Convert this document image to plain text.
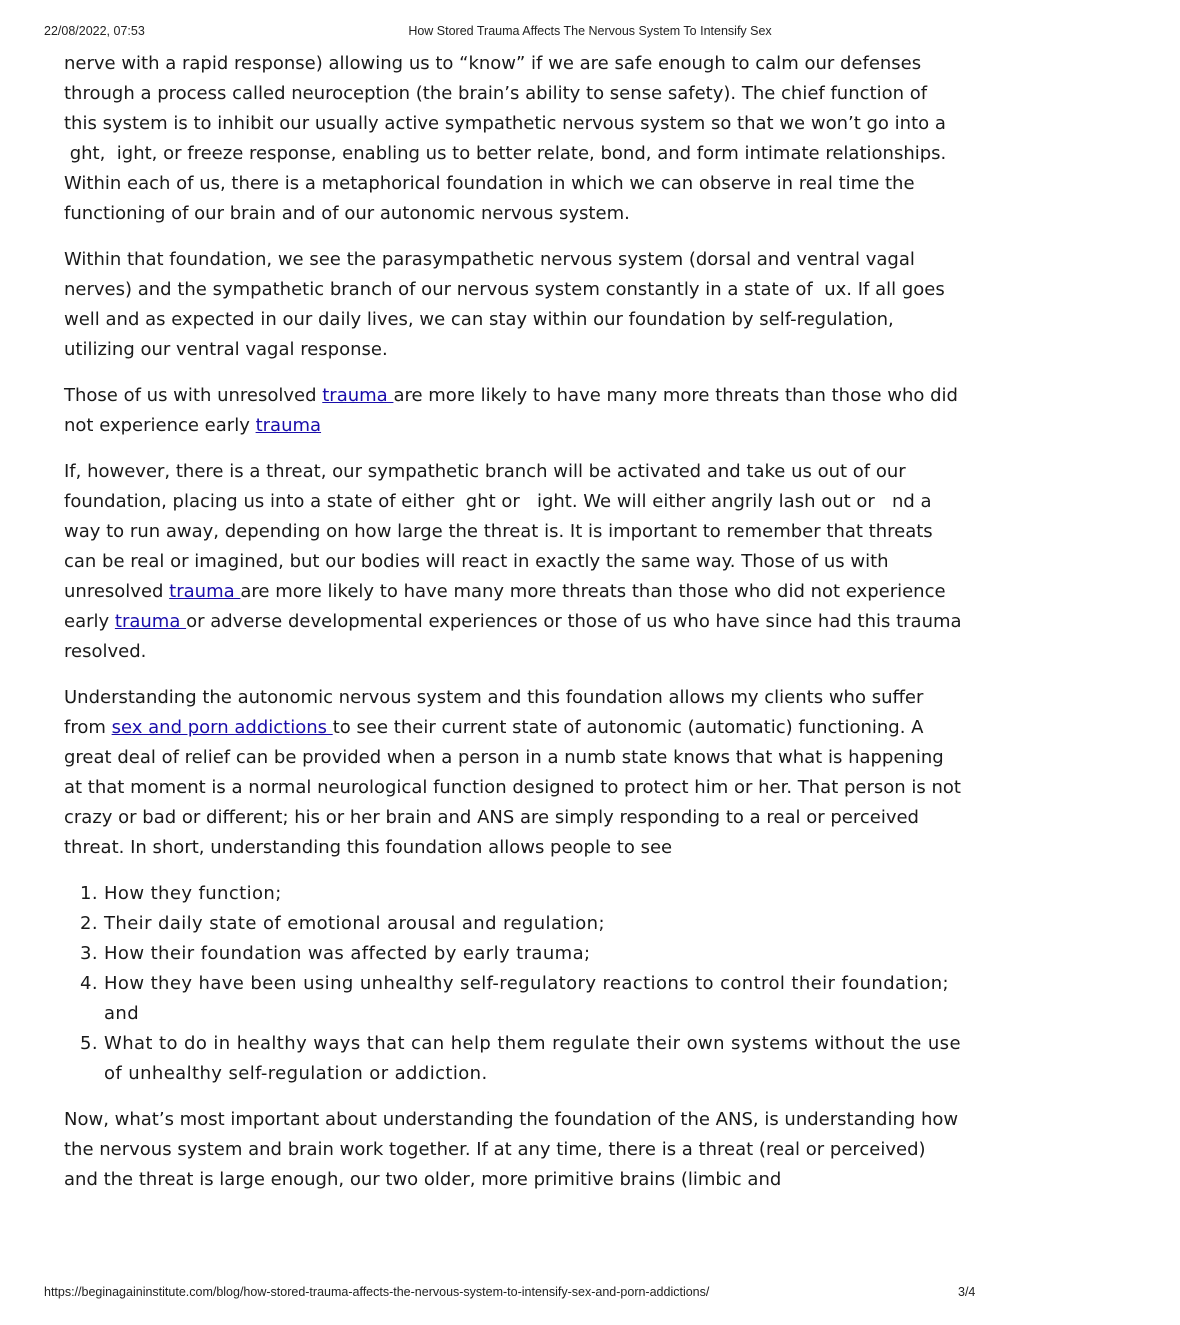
22/08/2022, 07:53	How Stored Trauma Affects The Nervous System To Intensify Sex
nerve with a rapid response) allowing us to “know” if we are safe enough to calm our defenses

through a process called neuroception (the brain’s ability to sense safety). The chief function of this system is to inhibit our usually active sympathetic nervous system so that we won’t go into a  ght,  ight, or freeze response, enabling us to better relate, bond, and form intimate relationships. Within each of us, there is a metaphorical foundation in which we can observe in real time the functioning of our brain and of our autonomic nervous system.

Within that foundation, we see the parasympathetic nervous system (dorsal and ventral vagal nerves) and the sympathetic branch of our nervous system constantly in a state of  ux. If all goes well and as expected in our daily lives, we can stay within our foundation by self-regulation, utilizing our ventral vagal response.

Those of us with unresolved trauma are more likely to have many more threats than those who did not experience early trauma

If, however, there is a threat, our sympathetic branch will be activated and take us out of our foundation, placing us into a state of either  ght or   ight. We will either angrily lash out or   nd a way to run away, depending on how large the threat is. It is important to remember that threats can be real or imagined, but our bodies will react in exactly the same way. Those of us with unresolved trauma are more likely to have many more threats than those who did not experience early trauma or adverse developmental experiences or those of us who have since had this trauma resolved.

Understanding the autonomic nervous system and this foundation allows my clients who suffer from sex and porn addictions to see their current state of autonomic (automatic) functioning. A great deal of relief can be provided when a person in a numb state knows that what is happening at that moment is a normal neurological function designed to protect him or her. That person is not crazy or bad or different; his or her brain and ANS are simply responding to a real or perceived threat. In short, understanding this foundation allows people to see

1. How they function;
2. Their daily state of emotional arousal and regulation;
3. How their foundation was affected by early trauma;
4. How they have been using unhealthy self-regulatory reactions to control their foundation; and
5. What to do in healthy ways that can help them regulate their own systems without the use of unhealthy self-regulation or addiction.

Now, what’s most important about understanding the foundation of the ANS, is understanding how the nervous system and brain work together. If at any time, there is a threat (real or perceived) and the threat is large enough, our two older, more primitive brains (limbic and

https://beginagaininstitute.com/blog/how-stored-trauma-affects-the-nervous-system-to-intensify-sex-and-porn-addictions/	3/4
